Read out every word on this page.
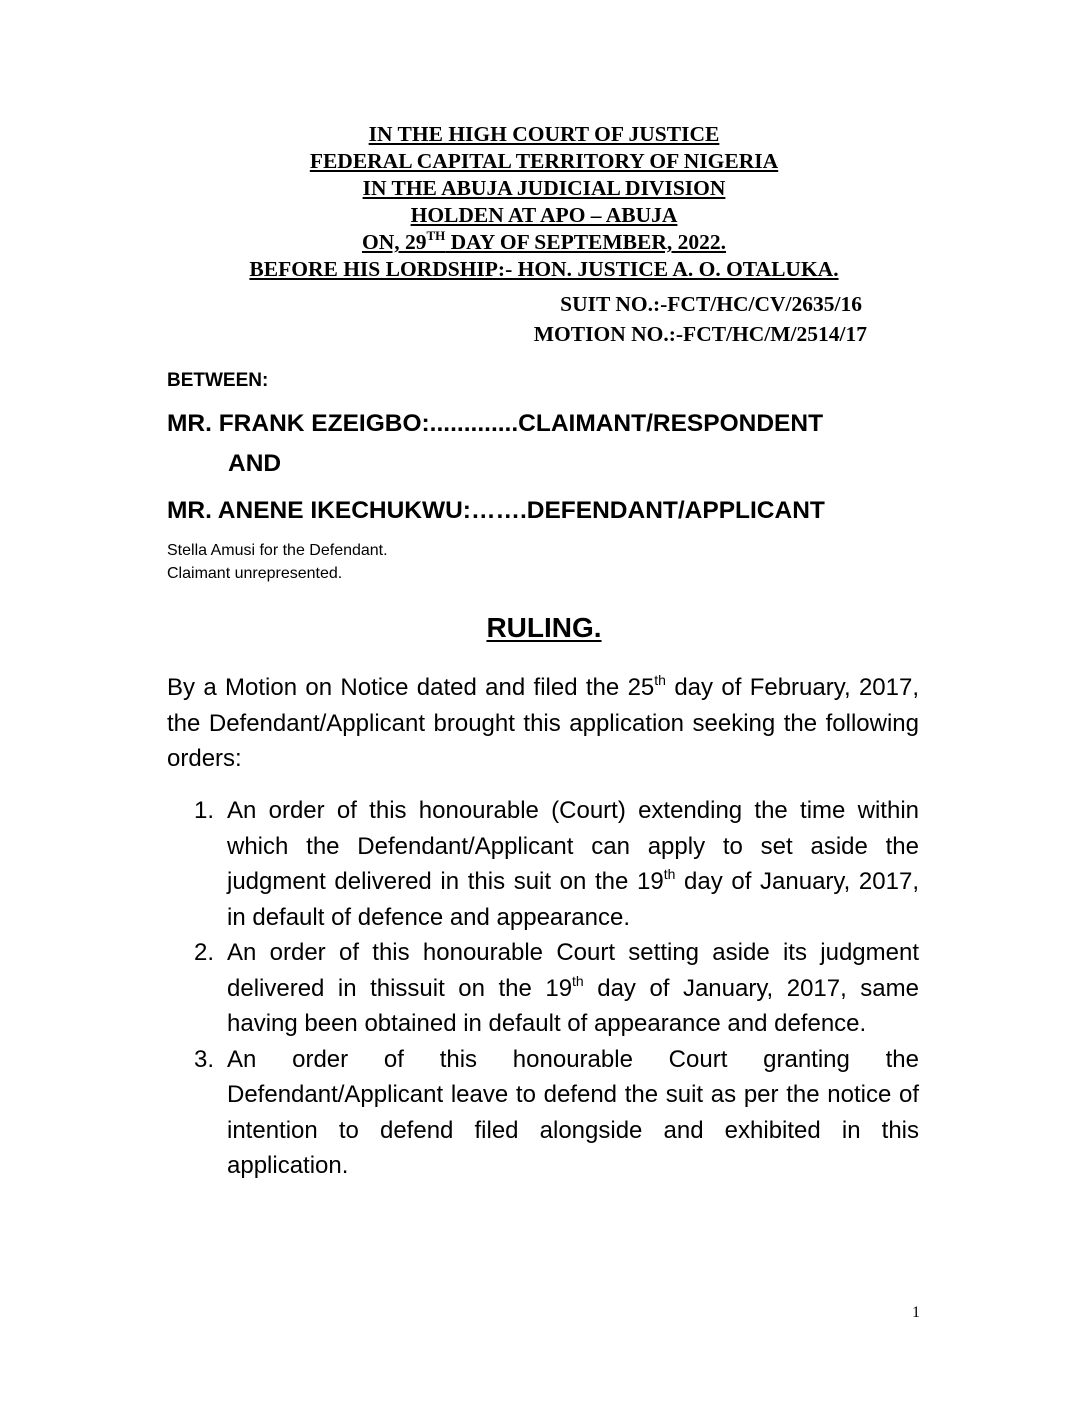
IN THE HIGH COURT OF JUSTICE
FEDERAL CAPITAL TERRITORY OF NIGERIA
IN THE ABUJA JUDICIAL DIVISION
HOLDEN AT APO – ABUJA
ON, 29TH DAY OF SEPTEMBER, 2022.
BEFORE HIS LORDSHIP:- HON. JUSTICE A. O. OTALUKA.
SUIT NO.:-FCT/HC/CV/2635/16
MOTION NO.:-FCT/HC/M/2514/17
BETWEEN:
MR. FRANK EZEIGBO:.............CLAIMANT/RESPONDENT
AND
MR. ANENE IKECHUKWU:…….DEFENDANT/APPLICANT
Stella Amusi for the Defendant.
Claimant unrepresented.
RULING.

By a Motion on Notice dated and filed the 25th day of February, 2017, the Defendant/Applicant brought this application seeking the following orders:

1. An order of this honourable (Court) extending the time within which the Defendant/Applicant can apply to set aside the judgment delivered in this suit on the 19th day of January, 2017, in default of defence and appearance.
2. An order of this honourable Court setting aside its judgment delivered in thissuit on the 19th day of January, 2017, same having been obtained in default of appearance and defence.
3. An order of this honourable Court granting the Defendant/Applicant leave to defend the suit as per the notice of intention to defend filed alongside and exhibited in this application.
1
